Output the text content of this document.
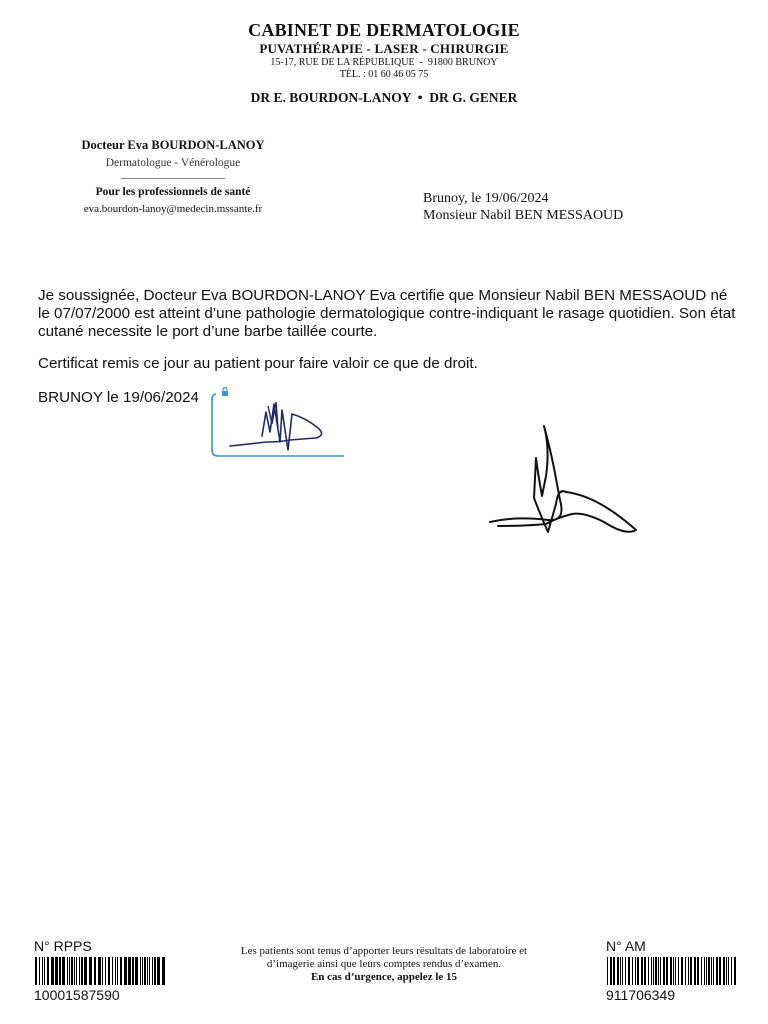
CABINET DE DERMATOLOGIE
PUVATHÉRAPIE - LASER - CHIRURGIE
15-17, RUE DE LA RÉPUBLIQUE  -  91800 BRUNOY
TÉL. : 01 60 46 05 75
DR E. BOURDON-LANOY  •  DR G. GENER
Docteur Eva BOURDON-LANOY
Dermatologue - Vénérologue
Pour les professionnels de santé
eva.bourdon-lanoy@medecin.mssante.fr
Brunoy, le 19/06/2024
Monsieur Nabil BEN MESSAOUD
Je soussignée, Docteur Eva BOURDON-LANOY Eva certifie que Monsieur Nabil BEN MESSAOUD né le 07/07/2000 est atteint d’une pathologie dermatologique contre-indiquant le rasage quotidien. Son état cutané necessite le port d’une barbe taillée courte.
Certificat remis ce jour au patient pour faire valoir ce que de droit.
BRUNOY le 19/06/2024
N° RPPS
10001587590
Les patients sont tenus d’apporter leurs résultats de laboratoire et
d’imagerie ainsi que leurs comptes rendus d’examen.
En cas d’urgence, appelez le 15
N° AM
911706349
